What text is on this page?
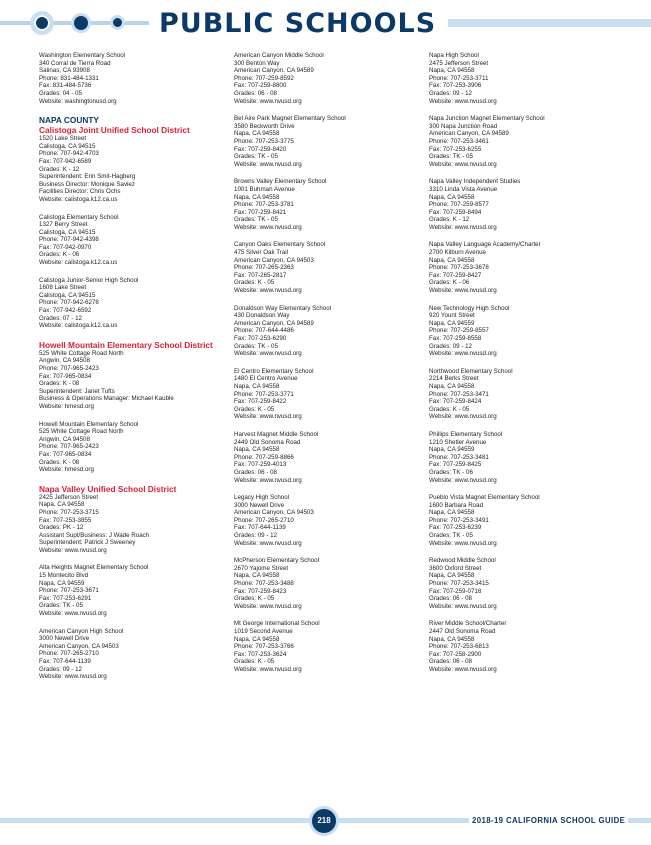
PUBLIC SCHOOLS
Washington Elementary School
340 Corral de Tierra Road
Salinas, CA 93908
Phone: 831-484-1331
Fax: 831-484-5736
Grades: 04 - 05
Website: washingtonusd.org
NAPA COUNTY
Calistoga Joint Unified School District
1520 Lake Street
Calistoga, CA 94515
Phone: 707-942-4703
Fax: 707-942-6589
Grades: K - 12
Superintendent: Erin Smit-Hagberg
Business Director: Monique Saviez
Facilities Director: Chris Ochs
Website: calistoga.k12.ca.us
Calistoga Elementary School
1327 Berry Street
Calistoga, CA 94515
Phone: 707-942-4398
Fax: 707-942-0970
Grades: K - 06
Website: calistoga.k12.ca.us
Calistoga Junior-Senior High School
1608 Lake Street
Calistoga, CA 94515
Phone: 707-942-6278
Fax: 707-942-6592
Grades: 07 - 12
Website: calistoga.k12.ca.us
Howell Mountain Elementary School District
525 White Cottage Road North
Angwin, CA 94508
Phone: 707-965-2423
Fax: 707-965-0834
Grades: K - 08
Superintendent: Janet Tufts
Business & Operations Manager: Michael Kauble
Website: hmesd.org
Howell Mountain Elementary School
525 White Cottage Road North
Angwin, CA 94508
Phone: 707-965-2423
Fax: 707-965-0834
Grades: K - 08
Website: hmesd.org
Napa Valley Unified School District
2425 Jefferson Street
Napa, CA 94558
Phone: 707-253-3715
Fax: 707-253-3855
Grades: PK - 12
Assistant Supt/Business: J Wade Roach
Superintendent: Patrick J Sweeney
Website: www.nvusd.org
Alta Heights Magnet Elementary School
15 Montecito Blvd
Napa, CA 94559
Phone: 707-253-3671
Fax: 707-253-6291
Grades: TK - 05
Website: www.nvusd.org
American Canyon High School
3000 Newell Drive
American Canyon, CA 94503
Phone: 707-265-2710
Fax: 707-644-1139
Grades: 09 - 12
Website: www.nvusd.org
American Canyon Middle School
300 Benton Way
American Canyon, CA 94589
Phone: 707-259-8592
Fax: 707-259-8800
Grades: 06 - 08
Website: www.nvusd.org
Bel Aire Park Magnet Elementary School
3580 Beckworth Drive
Napa, CA 94558
Phone: 707-253-3775
Fax: 707-259-8420
Grades: TK - 05
Website: www.nvusd.org
Browns Valley Elementary School
1001 Buhman Avenue
Napa, CA 94558
Phone: 707-253-3781
Fax: 707-259-8421
Grades: TK - 05
Website: www.nvusd.org
Canyon Oaks Elementary School
475 Silver Oak Trail
American Canyon, CA 94503
Phone: 707-265-2363
Fax: 707-265-2817
Grades: K - 05
Website: www.nvusd.org
Donaldson Way Elementary School
430 Donaldson Way
American Canyon, CA 94589
Phone: 707-644-4486
Fax: 707-253-6290
Grades: TK - 05
Website: www.nvusd.org
El Centro Elementary School
1480 El Centro Avenue
Napa, CA 94558
Phone: 707-253-3771
Fax: 707-259-8422
Grades: K - 05
Website: www.nvusd.org
Harvest Magnet Middle School
2449 Old Sonoma Road
Napa, CA 94558
Phone: 707-259-8866
Fax: 707-259-4013
Grades: 06 - 08
Website: www.nvusd.org
Legacy High School
3000 Newell Drive
American Canyon, CA 94503
Phone: 707-265-2710
Fax: 707-644-1139
Grades: 09 - 12
Website: www.nvusd.org
McPherson Elementary School
2670 Yajome Street
Napa, CA 94558
Phone: 707-253-3488
Fax: 707-259-8423
Grades: K - 05
Website: www.nvusd.org
Mt George International School
1019 Second Avenue
Napa, CA 94558
Phone: 707-253-3766
Fax: 707-253-3624
Grades: K - 05
Website: www.nvusd.org
Napa High School
2475 Jefferson Street
Napa, CA 94558
Phone: 707-253-3711
Fax: 707-253-3906
Grades: 09 - 12
Website: www.nvusd.org
Napa Junction Magnet Elementary School
300 Napa Junction Road
American Canyon, CA 94589
Phone: 707-253-3461
Fax: 707-253-6255
Grades: TK - 05
Website: www.nvusd.org
Napa Valley Independent Studies
3310 Linda Vista Avenue
Napa, CA 94558
Phone: 707-259-8577
Fax: 707-259-8494
Grades: K - 12
Website: www.nvusd.org
Napa Valley Language Academy/Charter
2700 Kilburn Avenue
Napa, CA 94558
Phone: 707-253-3678
Fax: 707-259-8427
Grades: K - 06
Website: www.nvusd.org
New Technology High School
920 Yount Street
Napa, CA 94559
Phone: 707-259-8557
Fax: 707-259-8558
Grades: 09 - 12
Website: www.nvusd.org
Northwood Elementary School
2214 Berks Street
Napa, CA 94558
Phone: 707-253-3471
Fax: 707-259-8424
Grades: K - 05
Website: www.nvusd.org
Phillips Elementary School
1210 Shetler Avenue
Napa, CA 94559
Phone: 707-253-3481
Fax: 707-259-8425
Grades: TK - 06
Website: www.nvusd.org
Pueblo Vista Magnet Elementary School
1600 Barbara Road
Napa, CA 94558
Phone: 707-253-3491
Fax: 707-253-6239
Grades: TK - 05
Website: www.nvusd.org
Redwood Middle School
3600 Oxford Street
Napa, CA 94558
Phone: 707-253-3415
Fax: 707-259-0718
Grades: 06 - 08
Website: www.nvusd.org
River Middle School/Charter
2447 Old Sonoma Road
Napa, CA 94558
Phone: 707-253-6813
Fax: 707-258-2900
Grades: 06 - 08
Website: www.nvusd.org
218	2018-19 CALIFORNIA SCHOOL GUIDE
